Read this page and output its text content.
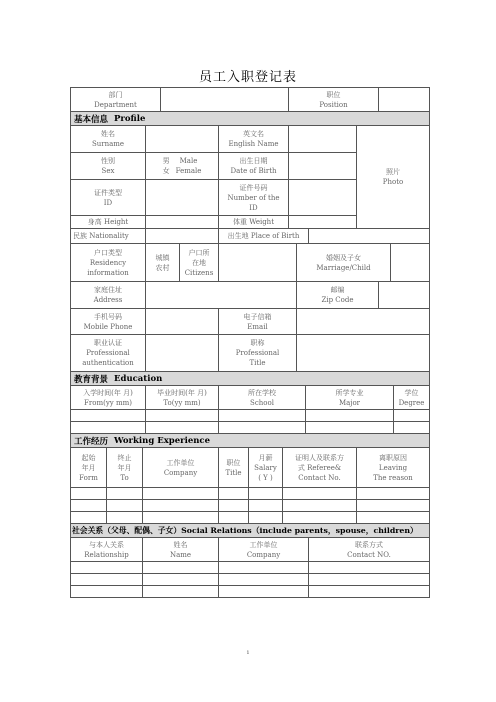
员工入职登记表
部门
Department
职位
Position
基本信息 Profile
姓名
Surname
英文名
English Name
性别
Sex
男
女
Male
Female
出生日期
Date of Birth
证件类型
ID
证件号码
Number of the
ID
身高 Height	体重 Weight
照片
Photo
民族 Nationality	出生地 Place of Birth
户口类型
Residency
information
城镇
农村
户口所
在地
Citizens
婚姻及子女
Marriage/Child
家庭住址
Address
邮编
Zip Code
手机号码
Mobile Phone
电子信箱
Email
职业认证
Professional
authentication
职称
Professional
Title
教育背景 Education
入学时间(年 月)
From(yy mm)
毕业时间(年 月)
To(yy mm)
所在学校
School
所学专业
Major
学位
Degree
工作经历 Working Experience
起始
年月
Form
终止
年月
To
工作单位
Company
职位
Title
月薪
Salary
( Y )
证明人及联系方
式 Referee&
Contact No.
离职原因
Leaving
The reason
社会关系（父母、配偶、子女）Social Relations（include parents，spouse，children）
与本人关系
Relationship
姓名
Name
工作单位
Company
联系方式
Contact NO.
1
